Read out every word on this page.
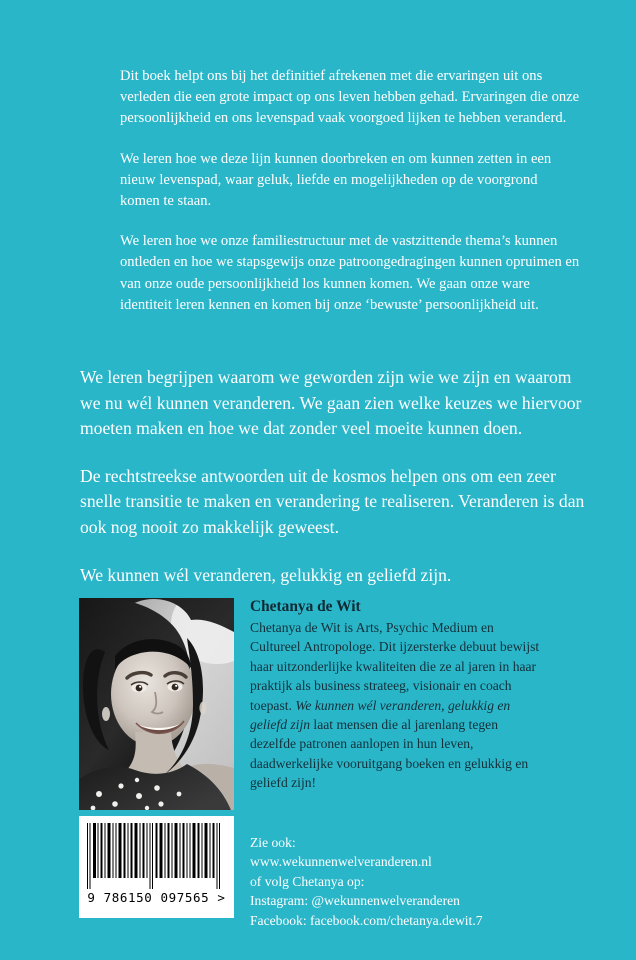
Dit boek helpt ons bij het definitief afrekenen met die ervaringen uit ons verleden die een grote impact op ons leven hebben gehad. Ervaringen die onze persoonlijkheid en ons levenspad vaak voorgoed lijken te hebben veranderd.

We leren hoe we deze lijn kunnen doorbreken en om kunnen zetten in een nieuw levenspad, waar geluk, liefde en mogelijkheden op de voorgrond komen te staan.

We leren hoe we onze familiestructuur met de vastzittende thema’s kunnen ontleden en hoe we stapsgewijs onze patroongedragingen kunnen opruimen en van onze oude persoonlijkheid los kunnen komen. We gaan onze ware identiteit leren kennen en komen bij onze ‘bewuste’ persoonlijkheid uit.

We leren begrijpen waarom we geworden zijn wie we zijn en waarom we nu wél kunnen veranderen. We gaan zien welke keuzes we hiervoor moeten maken en hoe we dat zonder veel moeite kunnen doen.

De rechtstreekse antwoorden uit de kosmos helpen ons om een zeer snelle transitie te maken en verandering te realiseren. Veranderen is dan ook nog nooit zo makkelijk geweest.

We kunnen wél veranderen, gelukkig en geliefd zijn.

9 786150 097565 >
Chetanya de Wit
Chetanya de Wit is Arts, Psychic Medium en Cultureel Antropologe. Dit ijzersterke debuut bewijst haar uitzonderlijke kwaliteiten die ze al jaren in haar praktijk als business strateeg, visionair en coach toepast. We kunnen wél veranderen, gelukkig en geliefd zijn laat mensen die al jarenlang tegen dezelfde patronen aanlopen in hun leven, daadwerkelijke vooruitgang boeken en gelukkig en geliefd zijn!
Zie ook:
www.wekunnenwelveranderen.nl
of volg Chetanya op:
Instagram: @wekunnenwelveranderen
Facebook: facebook.com/chetanya.dewit.7
